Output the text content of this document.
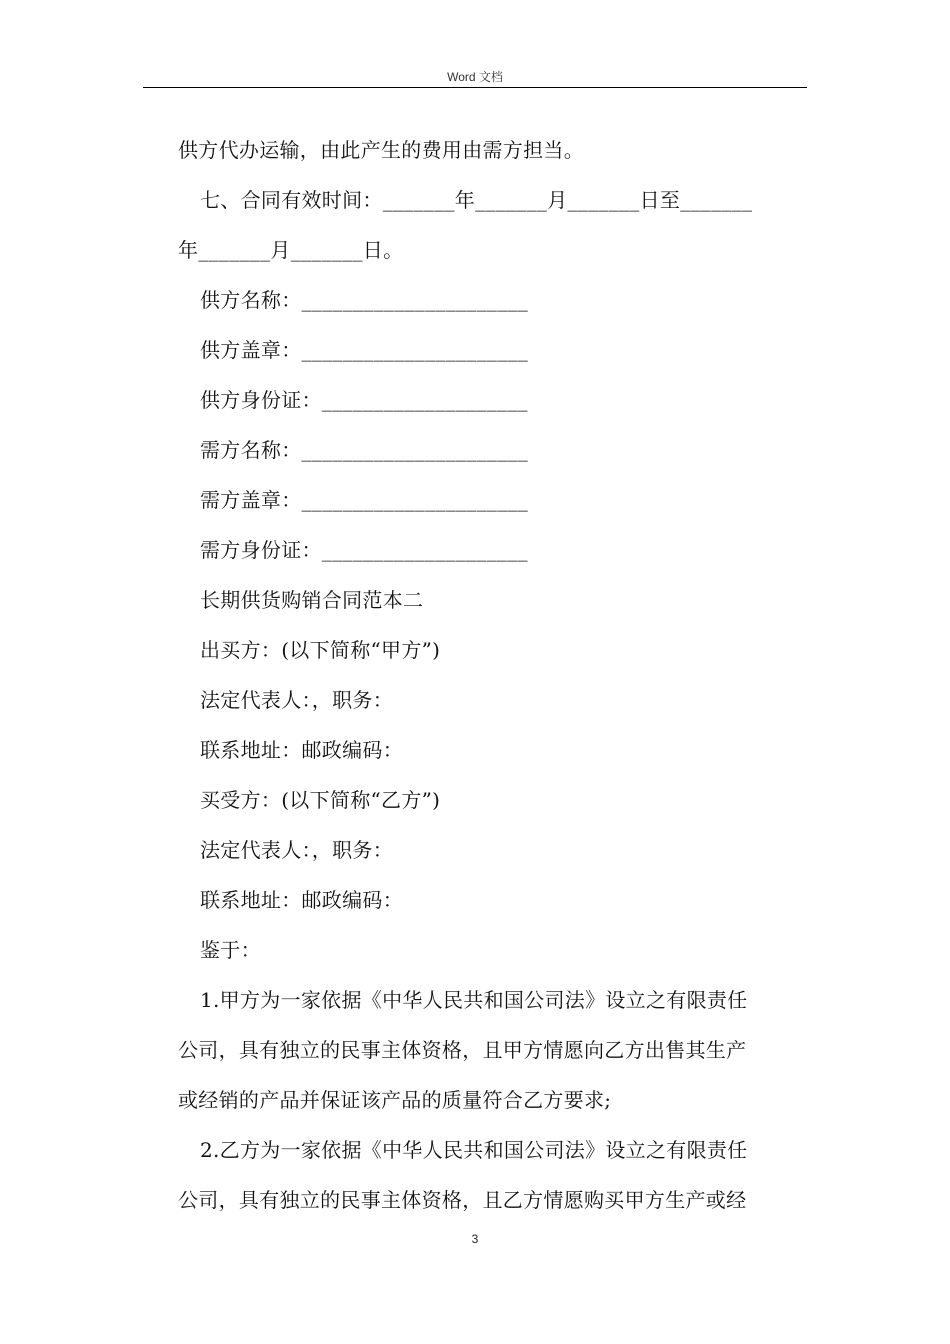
Word 文档
供方代办运输，由此产生的费用由需方担当。
七、合同有效时间：_______年_______月_______日至_______
年_______月_______日。
供方名称：______________________
供方盖章：______________________
供方身份证：____________________
需方名称：______________________
需方盖章：______________________
需方身份证：____________________
长期供货购销合同范本二
出买方：(以下简称“甲方”)
法定代表人：，职务：
联系地址：邮政编码：
买受方：(以下简称“乙方”)
法定代表人：，职务：
联系地址：邮政编码：
鉴于：
1.甲方为一家依据《中华人民共和国公司法》设立之有限责任
公司，具有独立的民事主体资格，且甲方情愿向乙方出售其生产
或经销的产品并保证该产品的质量符合乙方要求;
2.乙方为一家依据《中华人民共和国公司法》设立之有限责任
公司，具有独立的民事主体资格，且乙方情愿购买甲方生产或经
3
